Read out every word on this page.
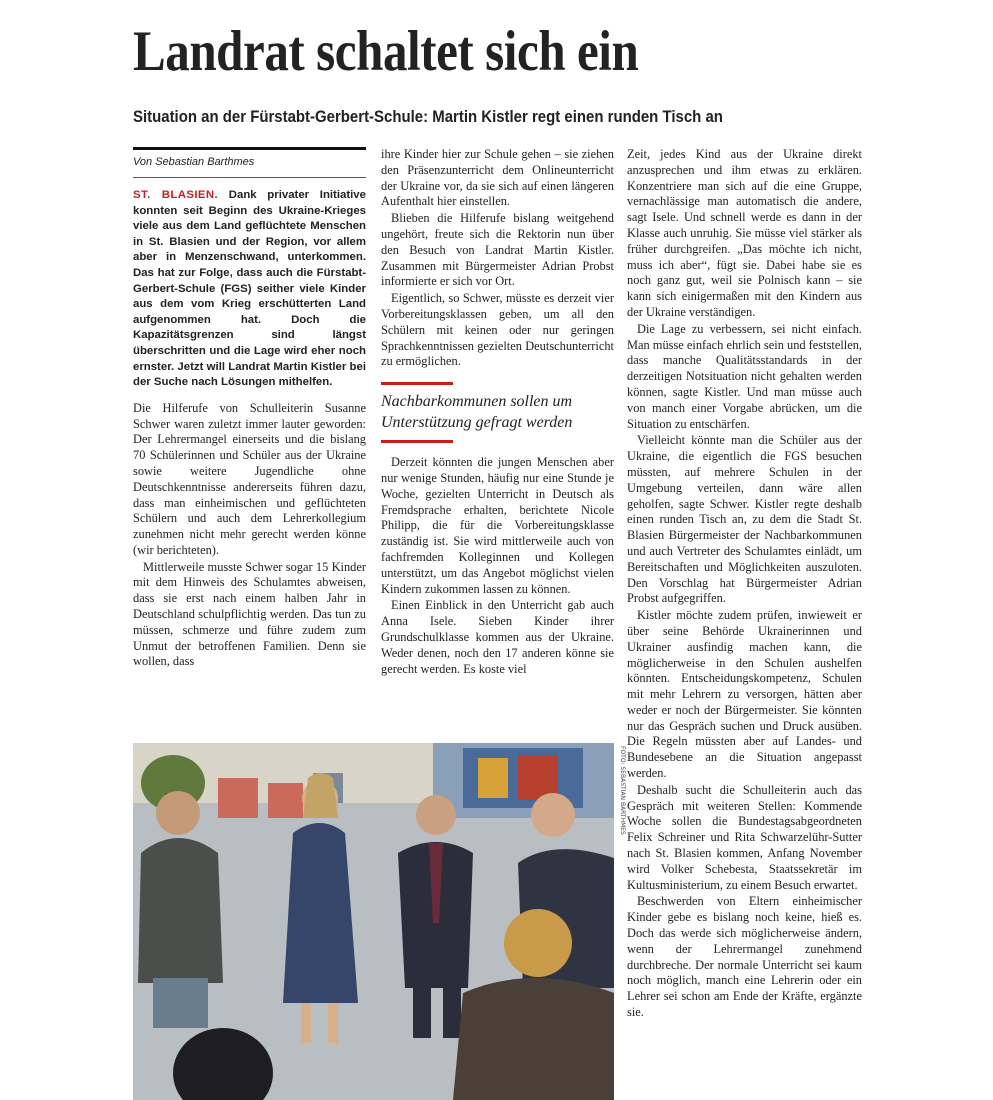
Landrat schaltet sich ein
Situation an der Fürstabt-Gerbert-Schule: Martin Kistler regt einen runden Tisch an
Von Sebastian Barthmes
ST. BLASIEN. Dank privater Initiative konnten seit Beginn des Ukraine-Krieges viele aus dem Land geflüchtete Menschen in St. Blasien und der Region, vor allem aber in Menzenschwand, unterkommen. Das hat zur Folge, dass auch die Fürstabt-Gerbert-Schule (FGS) seither viele Kinder aus dem vom Krieg erschütterten Land aufgenommen hat. Doch die Kapazitätsgrenzen sind längst überschritten und die Lage wird eher noch ernster. Jetzt will Landrat Martin Kistler bei der Suche nach Lösungen mithelfen.

Die Hilferufe von Schulleiterin Susanne Schwer waren zuletzt immer lauter geworden: Der Lehrermangel einerseits und die bislang 70 Schülerinnen und Schüler aus der Ukraine sowie weitere Jugendliche ohne Deutschkenntnisse andererseits führen dazu, dass man einheimischen und geflüchteten Schülern und auch dem Lehrerkollegium zunehmen nicht mehr gerecht werden könne (wir berichteten).

Mittlerweile musste Schwer sogar 15 Kinder mit dem Hinweis des Schulamtes abweisen, dass sie erst nach einem halben Jahr in Deutschland schulpflichtig werden. Das tun zu müssen, schmerze und führe zudem zum Unmut der betroffenen Familien. Denn sie wollen, dass

ihre Kinder hier zur Schule gehen – sie ziehen den Präsenzunterricht dem Onlineunterricht der Ukraine vor, da sie sich auf einen längeren Aufenthalt hier einstellen.

Blieben die Hilferufe bislang weitgehend ungehört, freute sich die Rektorin nun über den Besuch von Landrat Martin Kistler. Zusammen mit Bürgermeister Adrian Probst informierte er sich vor Ort.

Eigentlich, so Schwer, müsste es derzeit vier Vorbereitungsklassen geben, um all den Schülern mit keinen oder nur geringen Sprachkenntnissen gezielten Deutschunterricht zu ermöglichen.

Nachbarkommunen sollen um Unterstützung gefragt werden

Derzeit könnten die jungen Menschen aber nur wenige Stunden, häufig nur eine Stunde je Woche, gezielten Unterricht in Deutsch als Fremdsprache erhalten, berichtete Nicole Philipp, die für die Vorbereitungsklasse zuständig ist. Sie wird mittlerweile auch von fachfremden Kolleginnen und Kollegen unterstützt, um das Angebot möglichst vielen Kindern zukommen lassen zu können.

Einen Einblick in den Unterricht gab auch Anna Isele. Sieben Kinder ihrer Grundschulklasse kommen aus der Ukraine. Weder denen, noch den 17 anderen könne sie gerecht werden. Es koste viel

Zeit, jedes Kind aus der Ukraine direkt anzusprechen und ihm etwas zu erklären. Konzentriere man sich auf die eine Gruppe, vernachlässige man automatisch die andere, sagt Isele. Und schnell werde es dann in der Klasse auch unruhig. Sie müsse viel stärker als früher durchgreifen. „Das möchte ich nicht, muss ich aber“, fügt sie. Dabei habe sie es noch ganz gut, weil sie Polnisch kann – sie kann sich einigermaßen mit den Kindern aus der Ukraine verständigen.

Die Lage zu verbessern, sei nicht einfach. Man müsse einfach ehrlich sein und feststellen, dass manche Qualitätsstandards in der derzeitigen Notsituation nicht gehalten werden können, sagte Kistler. Und man müsse auch von manch einer Vorgabe abrücken, um die Situation zu entschärfen.

Vielleicht könnte man die Schüler aus der Ukraine, die eigentlich die FGS besuchen müssten, auf mehrere Schulen in der Umgebung verteilen, dann wäre allen geholfen, sagte Schwer. Kistler regte deshalb einen runden Tisch an, zu dem die Stadt St. Blasien Bürgermeister der Nachbarkommunen und auch Vertreter des Schulamtes einlädt, um Bereitschaften und Möglichkeiten auszuloten. Den Vorschlag hat Bürgermeister Adrian Probst aufgegriffen.

Kistler möchte zudem prüfen, inwieweit er über seine Behörde Ukrainerinnen und Ukrainer ausfindig machen kann, die möglicherweise in den Schulen aushelfen könnten. Entscheidungskompetenz, Schulen mit mehr Lehrern zu versorgen, hätten aber weder er noch der Bürgermeister. Sie könnten nur das Gespräch suchen und Druck ausüben. Die Regeln müssten aber auf Landes- und Bundesebene an die Situation angepasst werden.

Deshalb sucht die Schulleiterin auch das Gespräch mit weiteren Stellen: Kommende Woche sollen die Bundestagsabgeordneten Felix Schreiner und Rita Schwarzelühr-Sutter nach St. Blasien kommen, Anfang November wird Volker Schebesta, Staatssekretär im Kultusministerium, zu einem Besuch erwartet.

Beschwerden von Eltern einheimischer Kinder gebe es bislang noch keine, hieß es. Doch das werde sich möglicherweise ändern, wenn der Lehrermangel zunehmend durchbreche. Der normale Unterricht sei kaum noch möglich, manch eine Lehrerin oder ein Lehrer sei schon am Ende der Kräfte, ergänzte sie.

FOTO: SEBASTIAN BARTHMES
